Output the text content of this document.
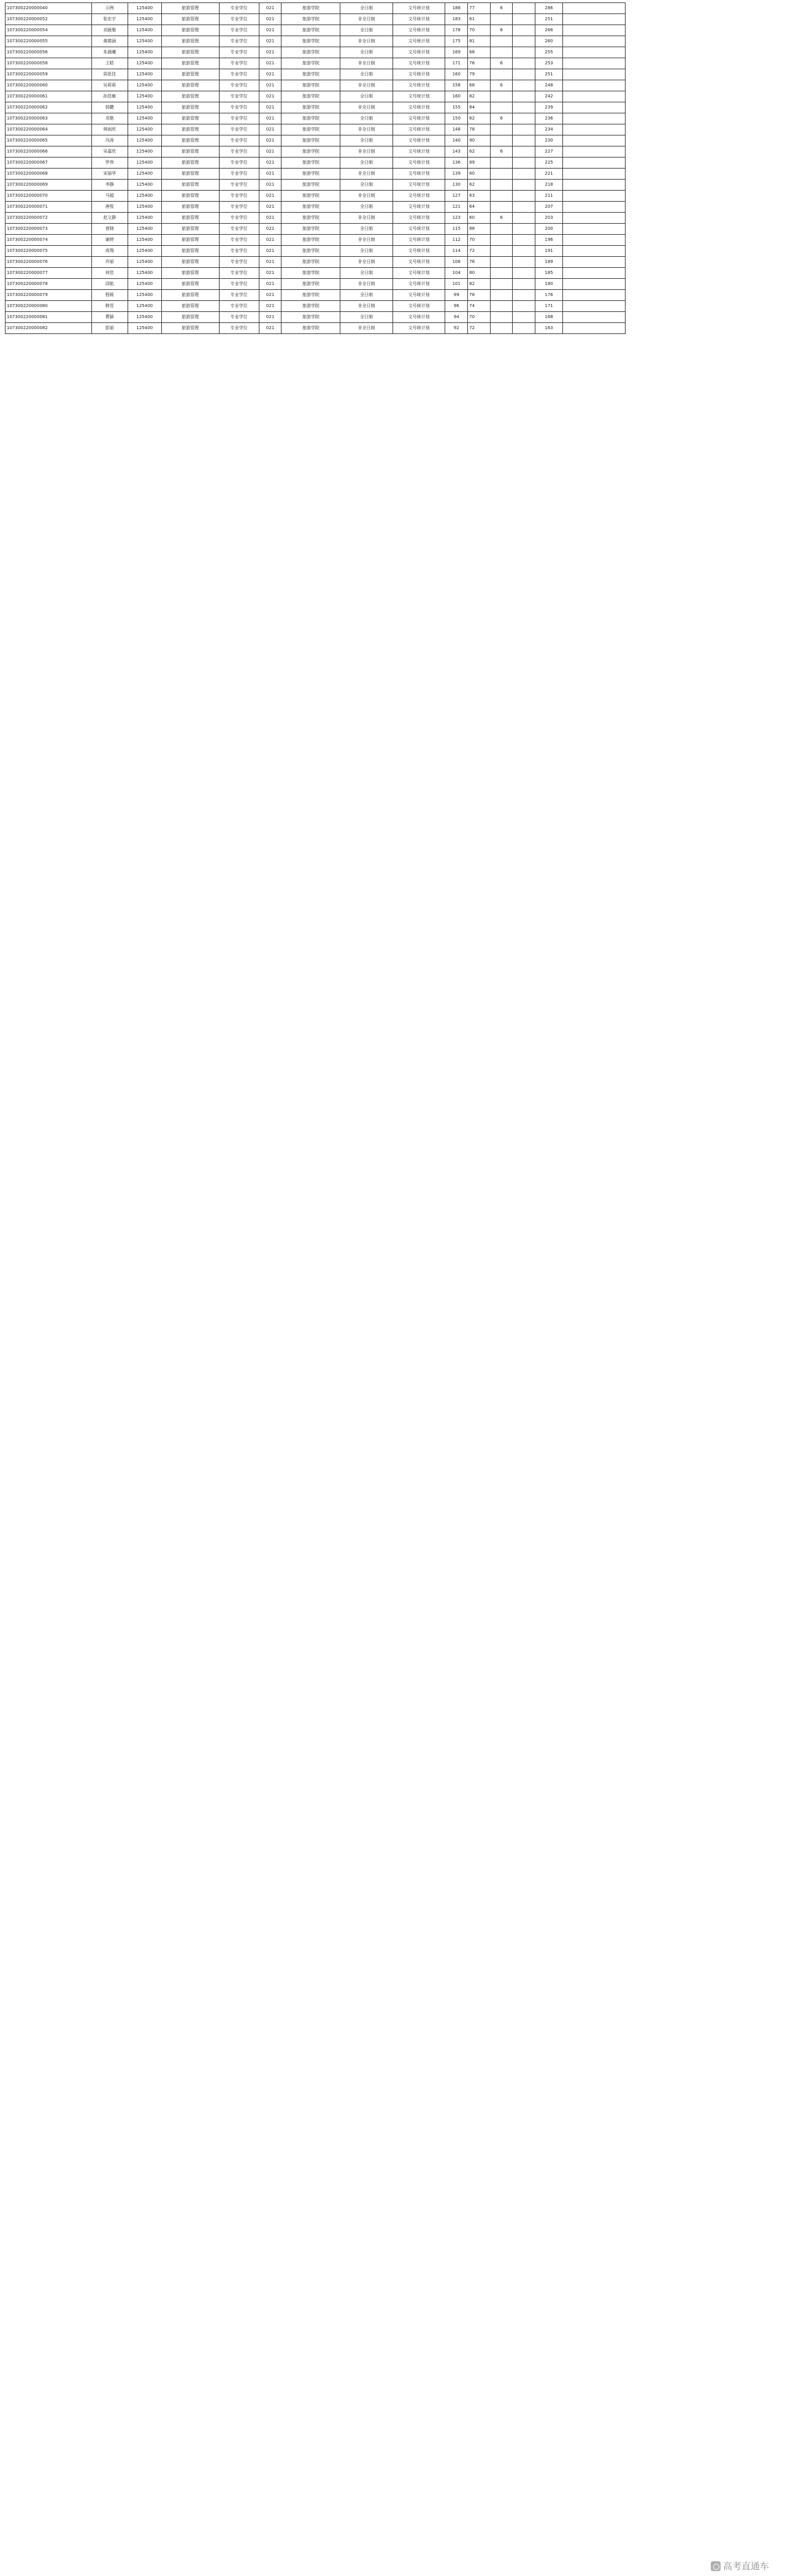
107300220000040	示例	125400	旅游管理	专业学位	021	旅游学院	全日制	文号统计划	188	77	6		286	
107300220000052	张宏宇	125400	旅游管理	专业学位	021	旅游学院	非全日制	文号统计划	183	61			251	
107300220000054	刘晨雅	125400	旅游管理	专业学位	021	旅游学院	全日制	文号统计划	178	70	6		266	
107300220000055	黄婧涵	125400	旅游管理	专业学位	021	旅游学院	非全日制	文号统计划	175	81			260	
107300220000056	朱晨曦	125400	旅游管理	专业学位	021	旅游学院	全日制	文号统计划	169	68			255	
107300220000058	王皓	125400	旅游管理	专业学位	021	旅游学院	非全日制	文号统计划	171	76	6		253	
107300220000059	周思佳	125400	旅游管理	专业学位	021	旅游学院	全日制	文号统计划	160	79			251	
107300220000060	吴莉莉	125400	旅游管理	专业学位	021	旅游学院	非全日制	文号统计划	158	68	6		248	
107300220000061	孙佳敏	125400	旅游管理	专业学位	021	旅游学院	全日制	文号统计划	160	82			242	
107300220000062	郭鹏	125400	旅游管理	专业学位	021	旅游学院	非全日制	文号统计划	155	84			239	
107300220000063	邓艳	125400	旅游管理	专业学位	021	旅游学院	全日制	文号统计划	150	62	6		236	
107300220000064	林雨欣	125400	旅游管理	专业学位	021	旅游学院	非全日制	文号统计划	148	78			234	
107300220000065	冯涛	125400	旅游管理	专业学位	021	旅游学院	全日制	文号统计划	140	90			230	
107300220000066	吴嘉欣	125400	旅游管理	专业学位	021	旅游学院	非全日制	文号统计划	143	62	6		227	
107300220000067	罗伟	125400	旅游管理	专业学位	021	旅游学院	全日制	文号统计划	136	89			225	
107300220000068	宋丽华	125400	旅游管理	专业学位	021	旅游学院	非全日制	文号统计划	139	60			221	
107300220000069	李静	125400	旅游管理	专业学位	021	旅游学院	全日制	文号统计划	130	62			218	
107300220000070	马超	125400	旅游管理	专业学位	021	旅游学院	非全日制	文号统计划	127	63			211	
107300220000071	唐悦	125400	旅游管理	专业学位	021	旅游学院	全日制	文号统计划	121	64			207	
107300220000072	赵文静	125400	旅游管理	专业学位	021	旅游学院	非全日制	文号统计划	123	60	6		203	
107300220000073	曾晓	125400	旅游管理	专业学位	021	旅游学院	全日制	文号统计划	115	88			200	
107300220000074	谢婷	125400	旅游管理	专业学位	021	旅游学院	非全日制	文号统计划	112	70			196	
107300220000075	高翔	125400	旅游管理	专业学位	021	旅游学院	全日制	文号统计划	114	72			191	
107300220000076	许丽	125400	旅游管理	专业学位	021	旅游学院	非全日制	文号统计划	108	76			189	
107300220000077	何佳	125400	旅游管理	专业学位	021	旅游学院	全日制	文号统计划	104	80			185	
107300220000078	邱航	125400	旅游管理	专业学位	021	旅游学院	非全日制	文号统计划	101	82			180	
107300220000079	程媛	125400	旅游管理	专业学位	021	旅游学院	全日制	文号统计划	99	78			176	
107300220000080	韩雪	125400	旅游管理	专业学位	021	旅游学院	非全日制	文号统计划	96	74			171	
107300220000081	曹颖	125400	旅游管理	专业学位	021	旅游学院	全日制	文号统计划	94	70			168	
107300220000082	彭丽	125400	旅游管理	专业学位	021	旅游学院	非全日制	文号统计划	92	72			163	
高考直通车
